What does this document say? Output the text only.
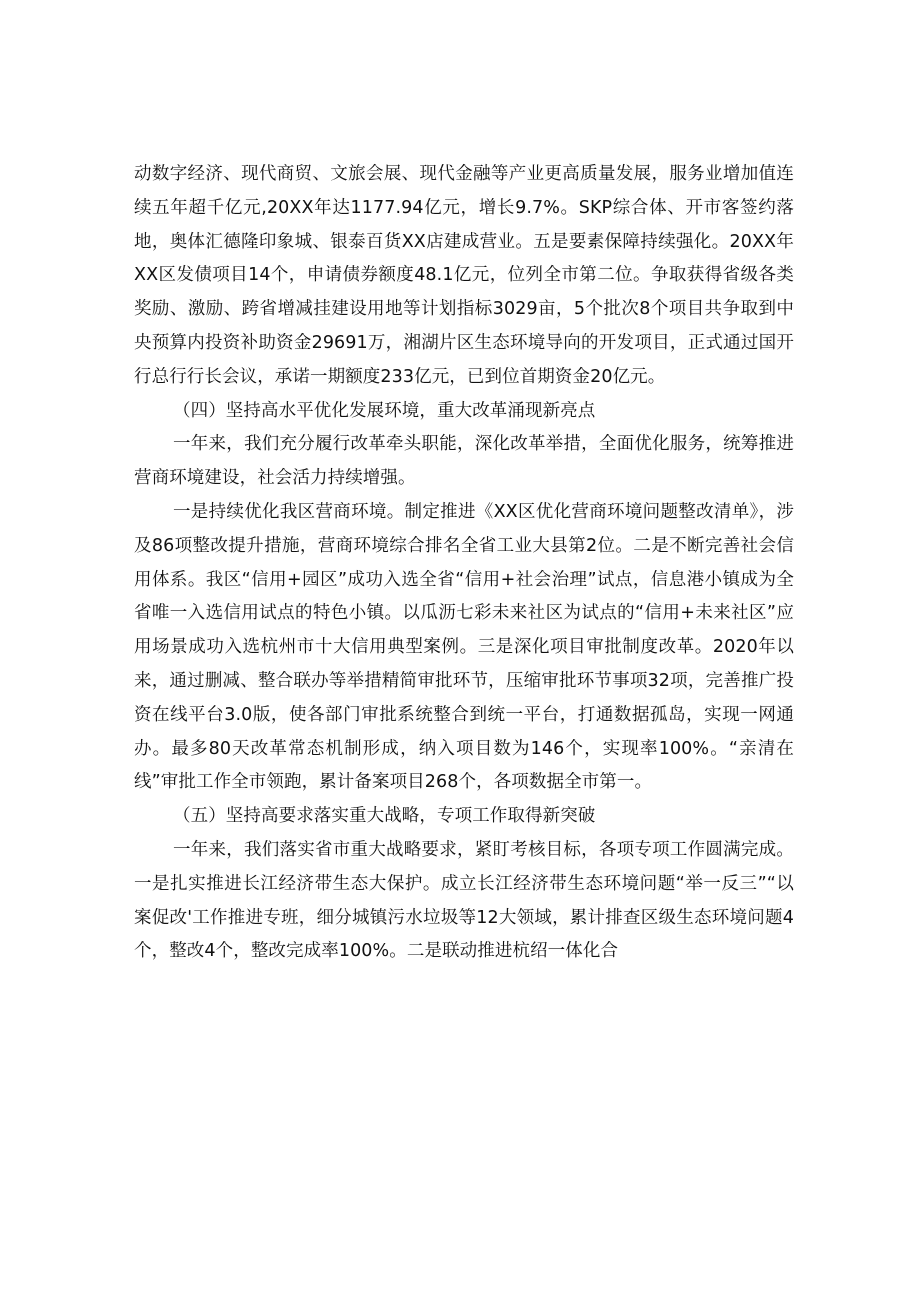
动数字经济、现代商贸、文旅会展、现代金融等产业更高质量发展，服务业增加值连续五年超千亿元,20XX年达1177.94亿元，增长9.7%。SKP综合体、开市客签约落地，奥体汇德隆印象城、银泰百货XX店建成营业。五是要素保障持续强化。20XX年XX区发债项目14个，申请债券额度48.1亿元，位列全市第二位。争取获得省级各类奖励、激励、跨省增减挂建设用地等计划指标3029亩，5个批次8个项目共争取到中央预算内投资补助资金29691万，湘湖片区生态环境导向的开发项目，正式通过国开行总行行长会议，承诺一期额度233亿元，已到位首期资金20亿元。

（四）坚持高水平优化发展环境，重大改革涌现新亮点

一年来，我们充分履行改革牵头职能，深化改革举措，全面优化服务，统筹推进营商环境建设，社会活力持续增强。

一是持续优化我区营商环境。制定推进《XX区优化营商环境问题整改清单》，涉及86项整改提升措施，营商环境综合排名全省工业大县第2位。二是不断完善社会信用体系。我区“信用+园区”成功入选全省“信用+社会治理”试点，信息港小镇成为全省唯一入选信用试点的特色小镇。以瓜沥七彩未来社区为试点的“信用+未来社区”应用场景成功入选杭州市十大信用典型案例。三是深化项目审批制度改革。2020年以来，通过删减、整合联办等举措精简审批环节，压缩审批环节事项32项，完善推广投资在线平台3.0版，使各部门审批系统整合到统一平台，打通数据孤岛，实现一网通办。最多80天改革常态机制形成，纳入项目数为146个，实现率100%。“亲清在线”审批工作全市领跑，累计备案项目268个，各项数据全市第一。

（五）坚持高要求落实重大战略，专项工作取得新突破

一年来，我们落实省市重大战略要求，紧盯考核目标，各项专项工作圆满完成。一是扎实推进长江经济带生态大保护。成立长江经济带生态环境问题“举一反三”“以案促改'工作推进专班，细分城镇污水垃圾等12大领域，累计排查区级生态环境问题4个，整改4个，整改完成率100%。二是联动推进杭绍一体化合
